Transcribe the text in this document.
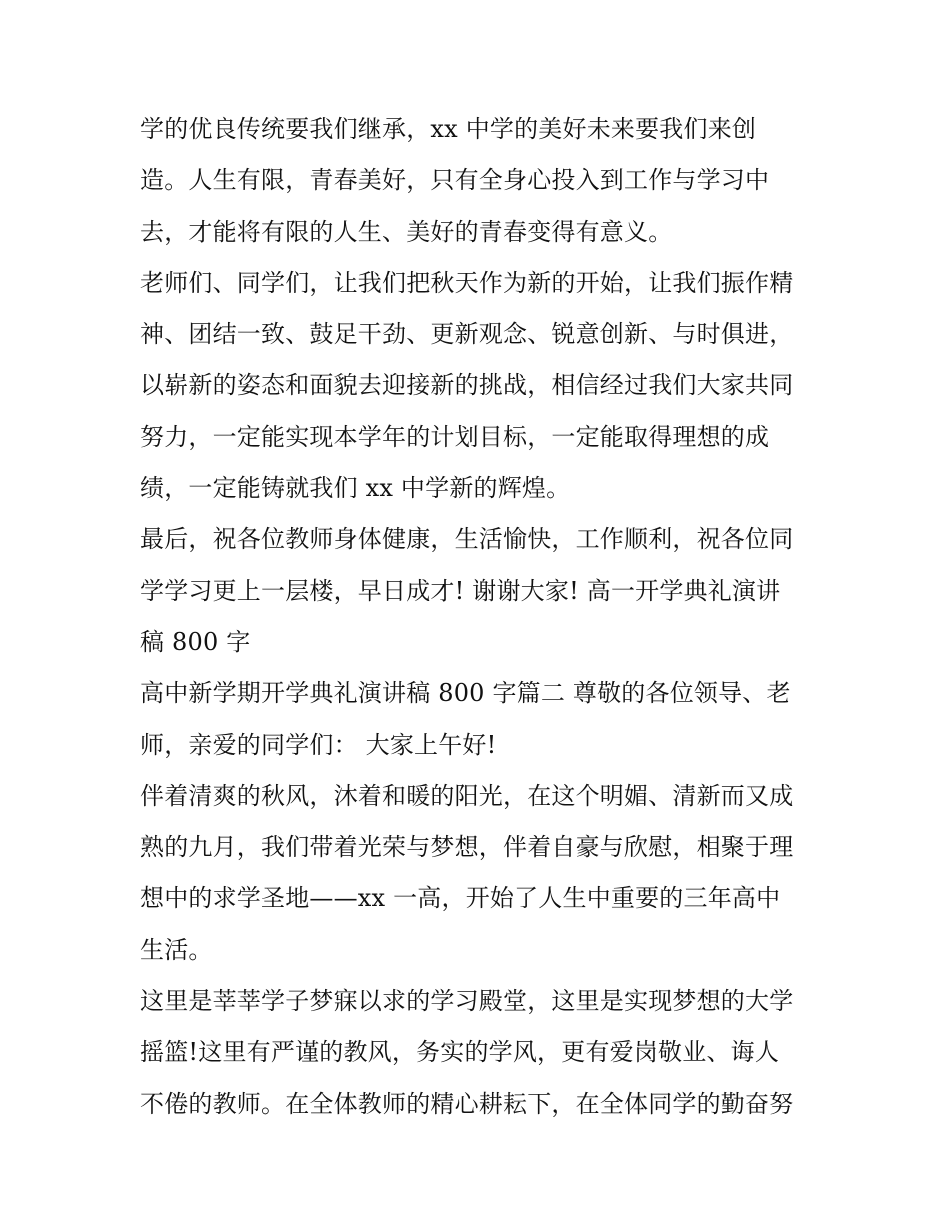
学的优良传统要我们继承，xx 中学的美好未来要我们来创
造。人生有限，青春美好，只有全身心投入到工作与学习中
去，才能将有限的人生、美好的青春变得有意义。
老师们、同学们，让我们把秋天作为新的开始，让我们振作精
神、团结一致、鼓足干劲、更新观念、锐意创新、与时俱进，
以崭新的姿态和面貌去迎接新的挑战，相信经过我们大家共同
努力，一定能实现本学年的计划目标，一定能取得理想的成
绩，一定能铸就我们 xx 中学新的辉煌。
最后，祝各位教师身体健康，生活愉快，工作顺利，祝各位同
学学习更上一层楼，早日成才! 谢谢大家! 高一开学典礼演讲
稿 800 字
高中新学期开学典礼演讲稿 800 字篇二 尊敬的各位领导、老
师，亲爱的同学们： 大家上午好!
伴着清爽的秋风，沐着和暖的阳光，在这个明媚、清新而又成
熟的九月，我们带着光荣与梦想，伴着自豪与欣慰，相聚于理
想中的求学圣地——xx 一高，开始了人生中重要的三年高中
生活。
这里是莘莘学子梦寐以求的学习殿堂，这里是实现梦想的大学
摇篮!这里有严谨的教风，务实的学风，更有爱岗敬业、诲人
不倦的教师。在全体教师的精心耕耘下，在全体同学的勤奋努
